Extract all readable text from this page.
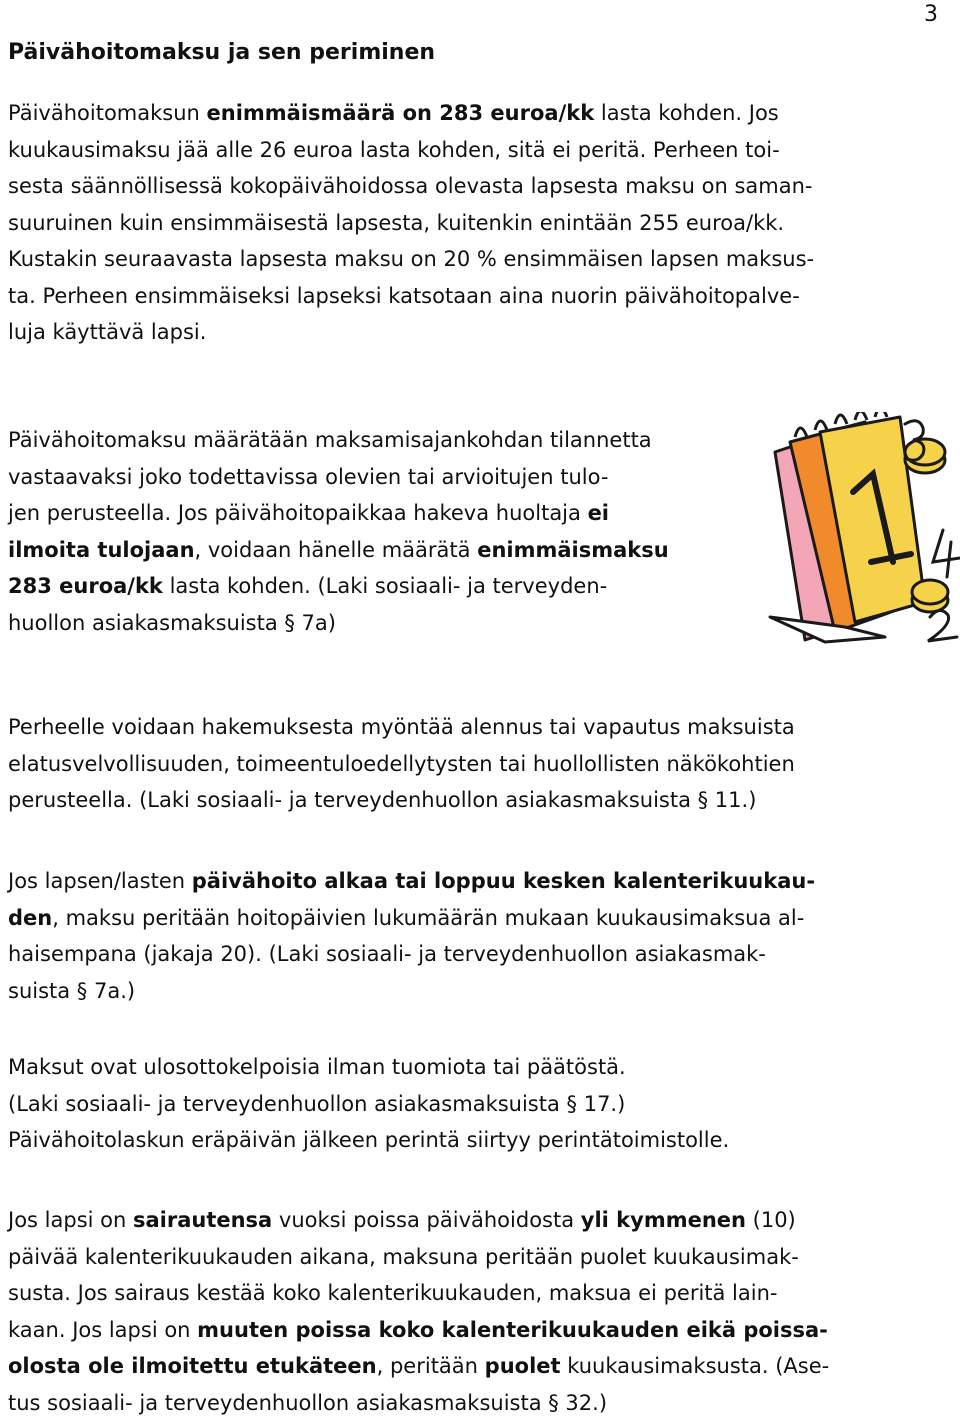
3
Päivähoitomaksu ja sen periminen

Päivähoitomaksun enimmäismäärä on 283 euroa/kk lasta kohden. Jos
kuukausimaksu jää alle 26 euroa lasta kohden, sitä ei peritä. Perheen toi-
sesta säännöllisessä kokopäivähoidossa olevasta lapsesta maksu on saman-
suuruinen kuin ensimmäisestä lapsesta, kuitenkin enintään 255 euroa/kk.
Kustakin seuraavasta lapsesta maksu on 20 % ensimmäisen lapsen maksus-
ta. Perheen ensimmäiseksi lapseksi katsotaan aina nuorin päivähoitopalve-
luja käyttävä lapsi.

Päivähoitomaksu määrätään maksamisajankohdan tilannetta
vastaavaksi joko todettavissa olevien tai arvioitujen tulo-
jen perusteella. Jos päivähoitopaikkaa hakeva huoltaja ei
ilmoita tulojaan, voidaan hänelle määrätä enimmäismaksu
283 euroa/kk lasta kohden. (Laki sosiaali- ja terveyden-
huollon asiakasmaksuista § 7a)

Perheelle voidaan hakemuksesta myöntää alennus tai vapautus maksuista
elatusvelvollisuuden, toimeentuloedellytysten tai huollollisten näkökohtien
perusteella. (Laki sosiaali- ja terveydenhuollon asiakasmaksuista § 11.)

Jos lapsen/lasten päivähoito alkaa tai loppuu kesken kalenterikuukau-
den, maksu peritään hoitopäivien lukumäärän mukaan kuukausimaksua al-
haisempana (jakaja 20). (Laki sosiaali- ja terveydenhuollon asiakasmak-
suista § 7a.)

Maksut ovat ulosottokelpoisia ilman tuomiota tai päätöstä.
(Laki sosiaali- ja terveydenhuollon asiakasmaksuista § 17.)
Päivähoitolaskun eräpäivän jälkeen perintä siirtyy perintätoimistolle.

Jos lapsi on sairautensa vuoksi poissa päivähoidosta yli kymmenen (10)
päivää kalenterikuukauden aikana, maksuna peritään puolet kuukausimak-
susta. Jos sairaus kestää koko kalenterikuukauden, maksua ei peritä lain-
kaan. Jos lapsi on muuten poissa koko kalenterikuukauden eikä poissa-
olosta ole ilmoitettu etukäteen, peritään puolet kuukausimaksusta. (Ase-
tus sosiaali- ja terveydenhuollon asiakasmaksuista § 32.)
